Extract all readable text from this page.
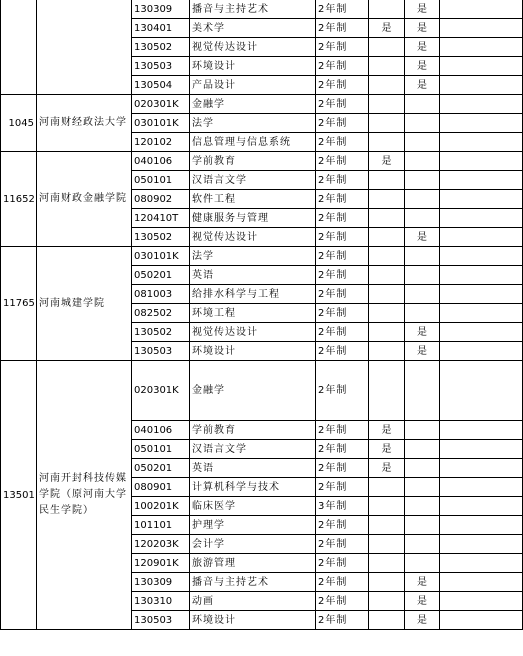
		130309	播音与主持艺术	2年制		是	
		130401	美术学	2年制	是	是	
		130502	视觉传达设计	2年制		是	
		130503	环境设计	2年制		是	
		130504	产品设计	2年制		是	
1045	河南财经政法大学	020301K	金融学	2年制			
		030101K	法学	2年制			
		120102	信息管理与信息系统	2年制			
11652	河南财政金融学院	040106	学前教育	2年制	是		
		050101	汉语言文学	2年制			
		080902	软件工程	2年制			
		120410T	健康服务与管理	2年制			
		130502	视觉传达设计	2年制		是	
11765	河南城建学院	030101K	法学	2年制			
		050201	英语	2年制			
		081003	给排水科学与工程	2年制			
		082502	环境工程	2年制			
		130502	视觉传达设计	2年制		是	
		130503	环境设计	2年制		是	
13501	河南开封科技传媒学院（原河南大学民生学院）	020301K	金融学	2年制			
		040106	学前教育	2年制	是		
		050101	汉语言文学	2年制	是		
		050201	英语	2年制	是		
		080901	计算机科学与技术	2年制			
		100201K	临床医学	3年制			
		101101	护理学	2年制			
		120203K	会计学	2年制			
		120901K	旅游管理	2年制			
		130309	播音与主持艺术	2年制		是	
		130310	动画	2年制		是	
		130503	环境设计	2年制		是	
